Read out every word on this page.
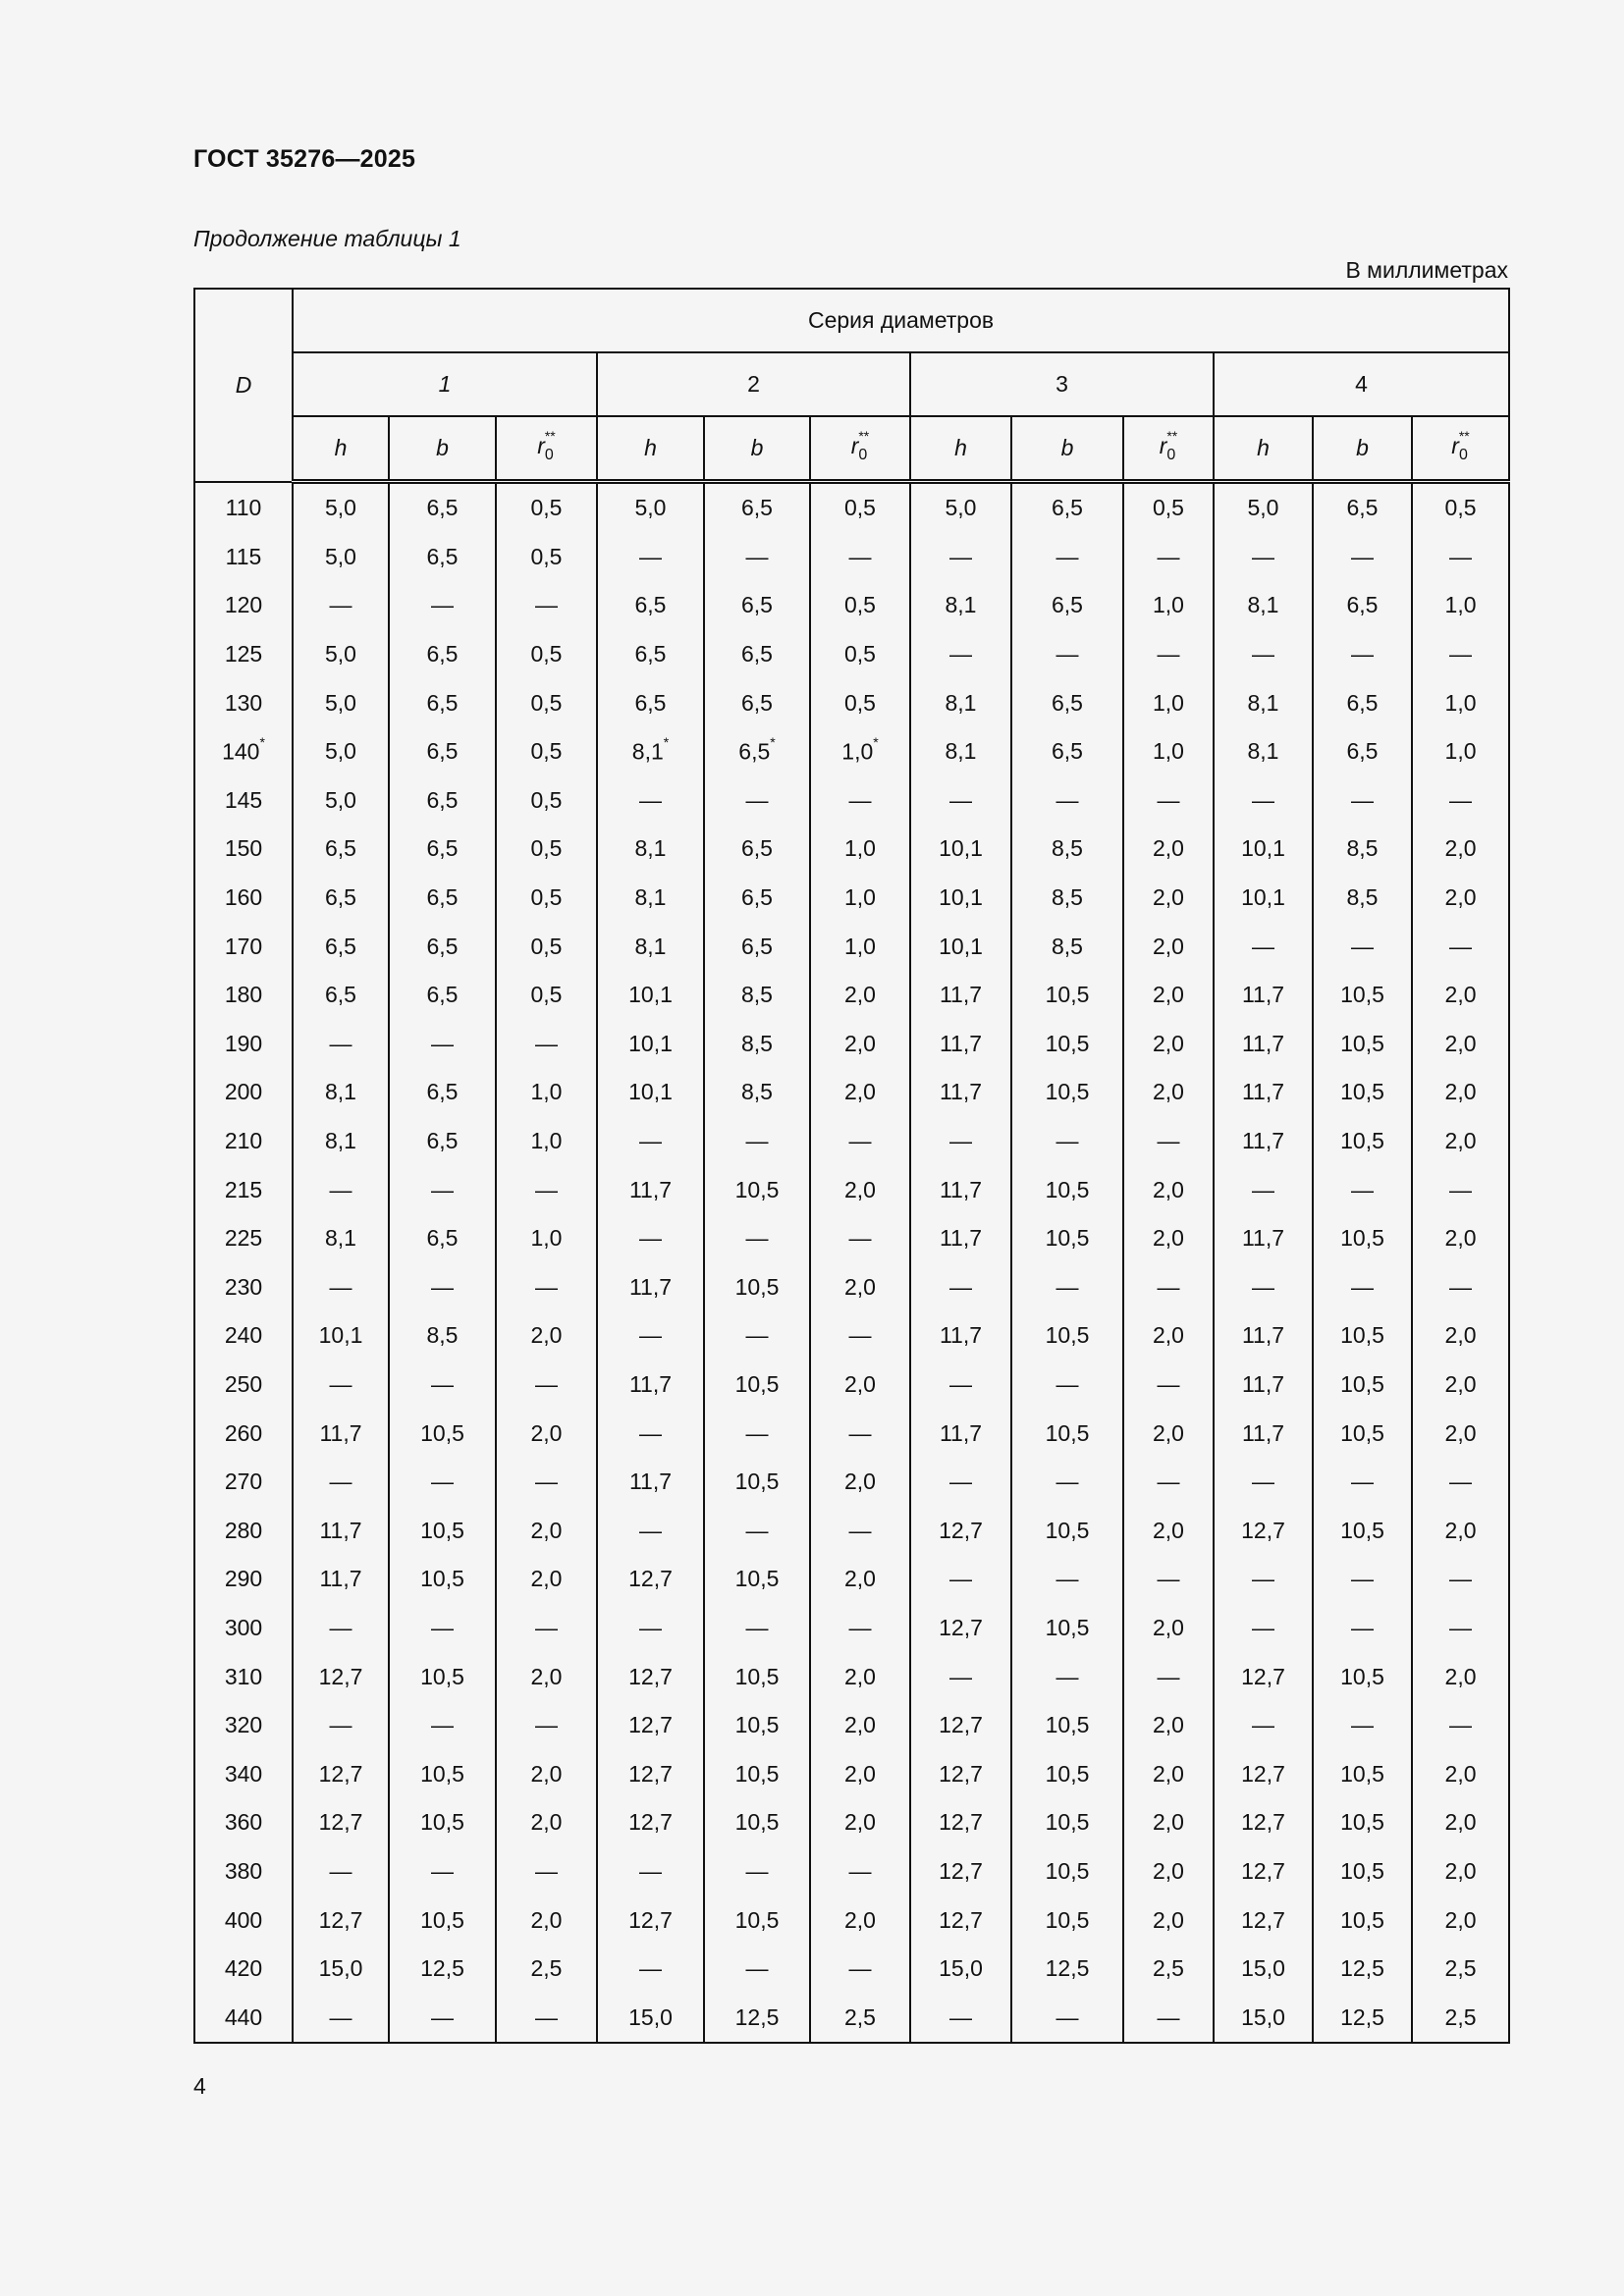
ГОСТ 35276—2025
Продолжение таблицы 1
В миллиметрах
D	Серия диаметров											
	1			2			3			4		
	h	b	$r_0^{**}$	h	b	$r_0^{**}$	h	b	$r_0^{**}$	h	b	$r_0^{**}$
110	5,0	6,5	0,5	5,0	6,5	0,5	5,0	6,5	0,5	5,0	6,5	0,5
115	5,0	6,5	0,5	—	—	—	—	—	—	—	—	—
120	—	—	—	6,5	6,5	0,5	8,1	6,5	1,0	8,1	6,5	1,0
125	5,0	6,5	0,5	6,5	6,5	0,5	—	—	—	—	—	—
130	5,0	6,5	0,5	6,5	6,5	0,5	8,1	6,5	1,0	8,1	6,5	1,0
140*	5,0	6,5	0,5	8,1*	6,5*	1,0*	8,1	6,5	1,0	8,1	6,5	1,0
145	5,0	6,5	0,5	—	—	—	—	—	—	—	—	—
150	6,5	6,5	0,5	8,1	6,5	1,0	10,1	8,5	2,0	10,1	8,5	2,0
160	6,5	6,5	0,5	8,1	6,5	1,0	10,1	8,5	2,0	10,1	8,5	2,0
170	6,5	6,5	0,5	8,1	6,5	1,0	10,1	8,5	2,0	—	—	—
180	6,5	6,5	0,5	10,1	8,5	2,0	11,7	10,5	2,0	11,7	10,5	2,0
190	—	—	—	10,1	8,5	2,0	11,7	10,5	2,0	11,7	10,5	2,0
200	8,1	6,5	1,0	10,1	8,5	2,0	11,7	10,5	2,0	11,7	10,5	2,0
210	8,1	6,5	1,0	—	—	—	—	—	—	11,7	10,5	2,0
215	—	—	—	11,7	10,5	2,0	11,7	10,5	2,0	—	—	—
225	8,1	6,5	1,0	—	—	—	11,7	10,5	2,0	11,7	10,5	2,0
230	—	—	—	11,7	10,5	2,0	—	—	—	—	—	—
240	10,1	8,5	2,0	—	—	—	11,7	10,5	2,0	11,7	10,5	2,0
250	—	—	—	11,7	10,5	2,0	—	—	—	11,7	10,5	2,0
260	11,7	10,5	2,0	—	—	—	11,7	10,5	2,0	11,7	10,5	2,0
270	—	—	—	11,7	10,5	2,0	—	—	—	—	—	—
280	11,7	10,5	2,0	—	—	—	12,7	10,5	2,0	12,7	10,5	2,0
290	11,7	10,5	2,0	12,7	10,5	2,0	—	—	—	—	—	—
300	—	—	—	—	—	—	12,7	10,5	2,0	—	—	—
310	12,7	10,5	2,0	12,7	10,5	2,0	—	—	—	12,7	10,5	2,0
320	—	—	—	12,7	10,5	2,0	12,7	10,5	2,0	—	—	—
340	12,7	10,5	2,0	12,7	10,5	2,0	12,7	10,5	2,0	12,7	10,5	2,0
360	12,7	10,5	2,0	12,7	10,5	2,0	12,7	10,5	2,0	12,7	10,5	2,0
380	—	—	—	—	—	—	12,7	10,5	2,0	12,7	10,5	2,0
400	12,7	10,5	2,0	12,7	10,5	2,0	12,7	10,5	2,0	12,7	10,5	2,0
420	15,0	12,5	2,5	—	—	—	15,0	12,5	2,5	15,0	12,5	2,5
440	—	—	—	15,0	12,5	2,5	—	—	—	15,0	12,5	2,5
4
